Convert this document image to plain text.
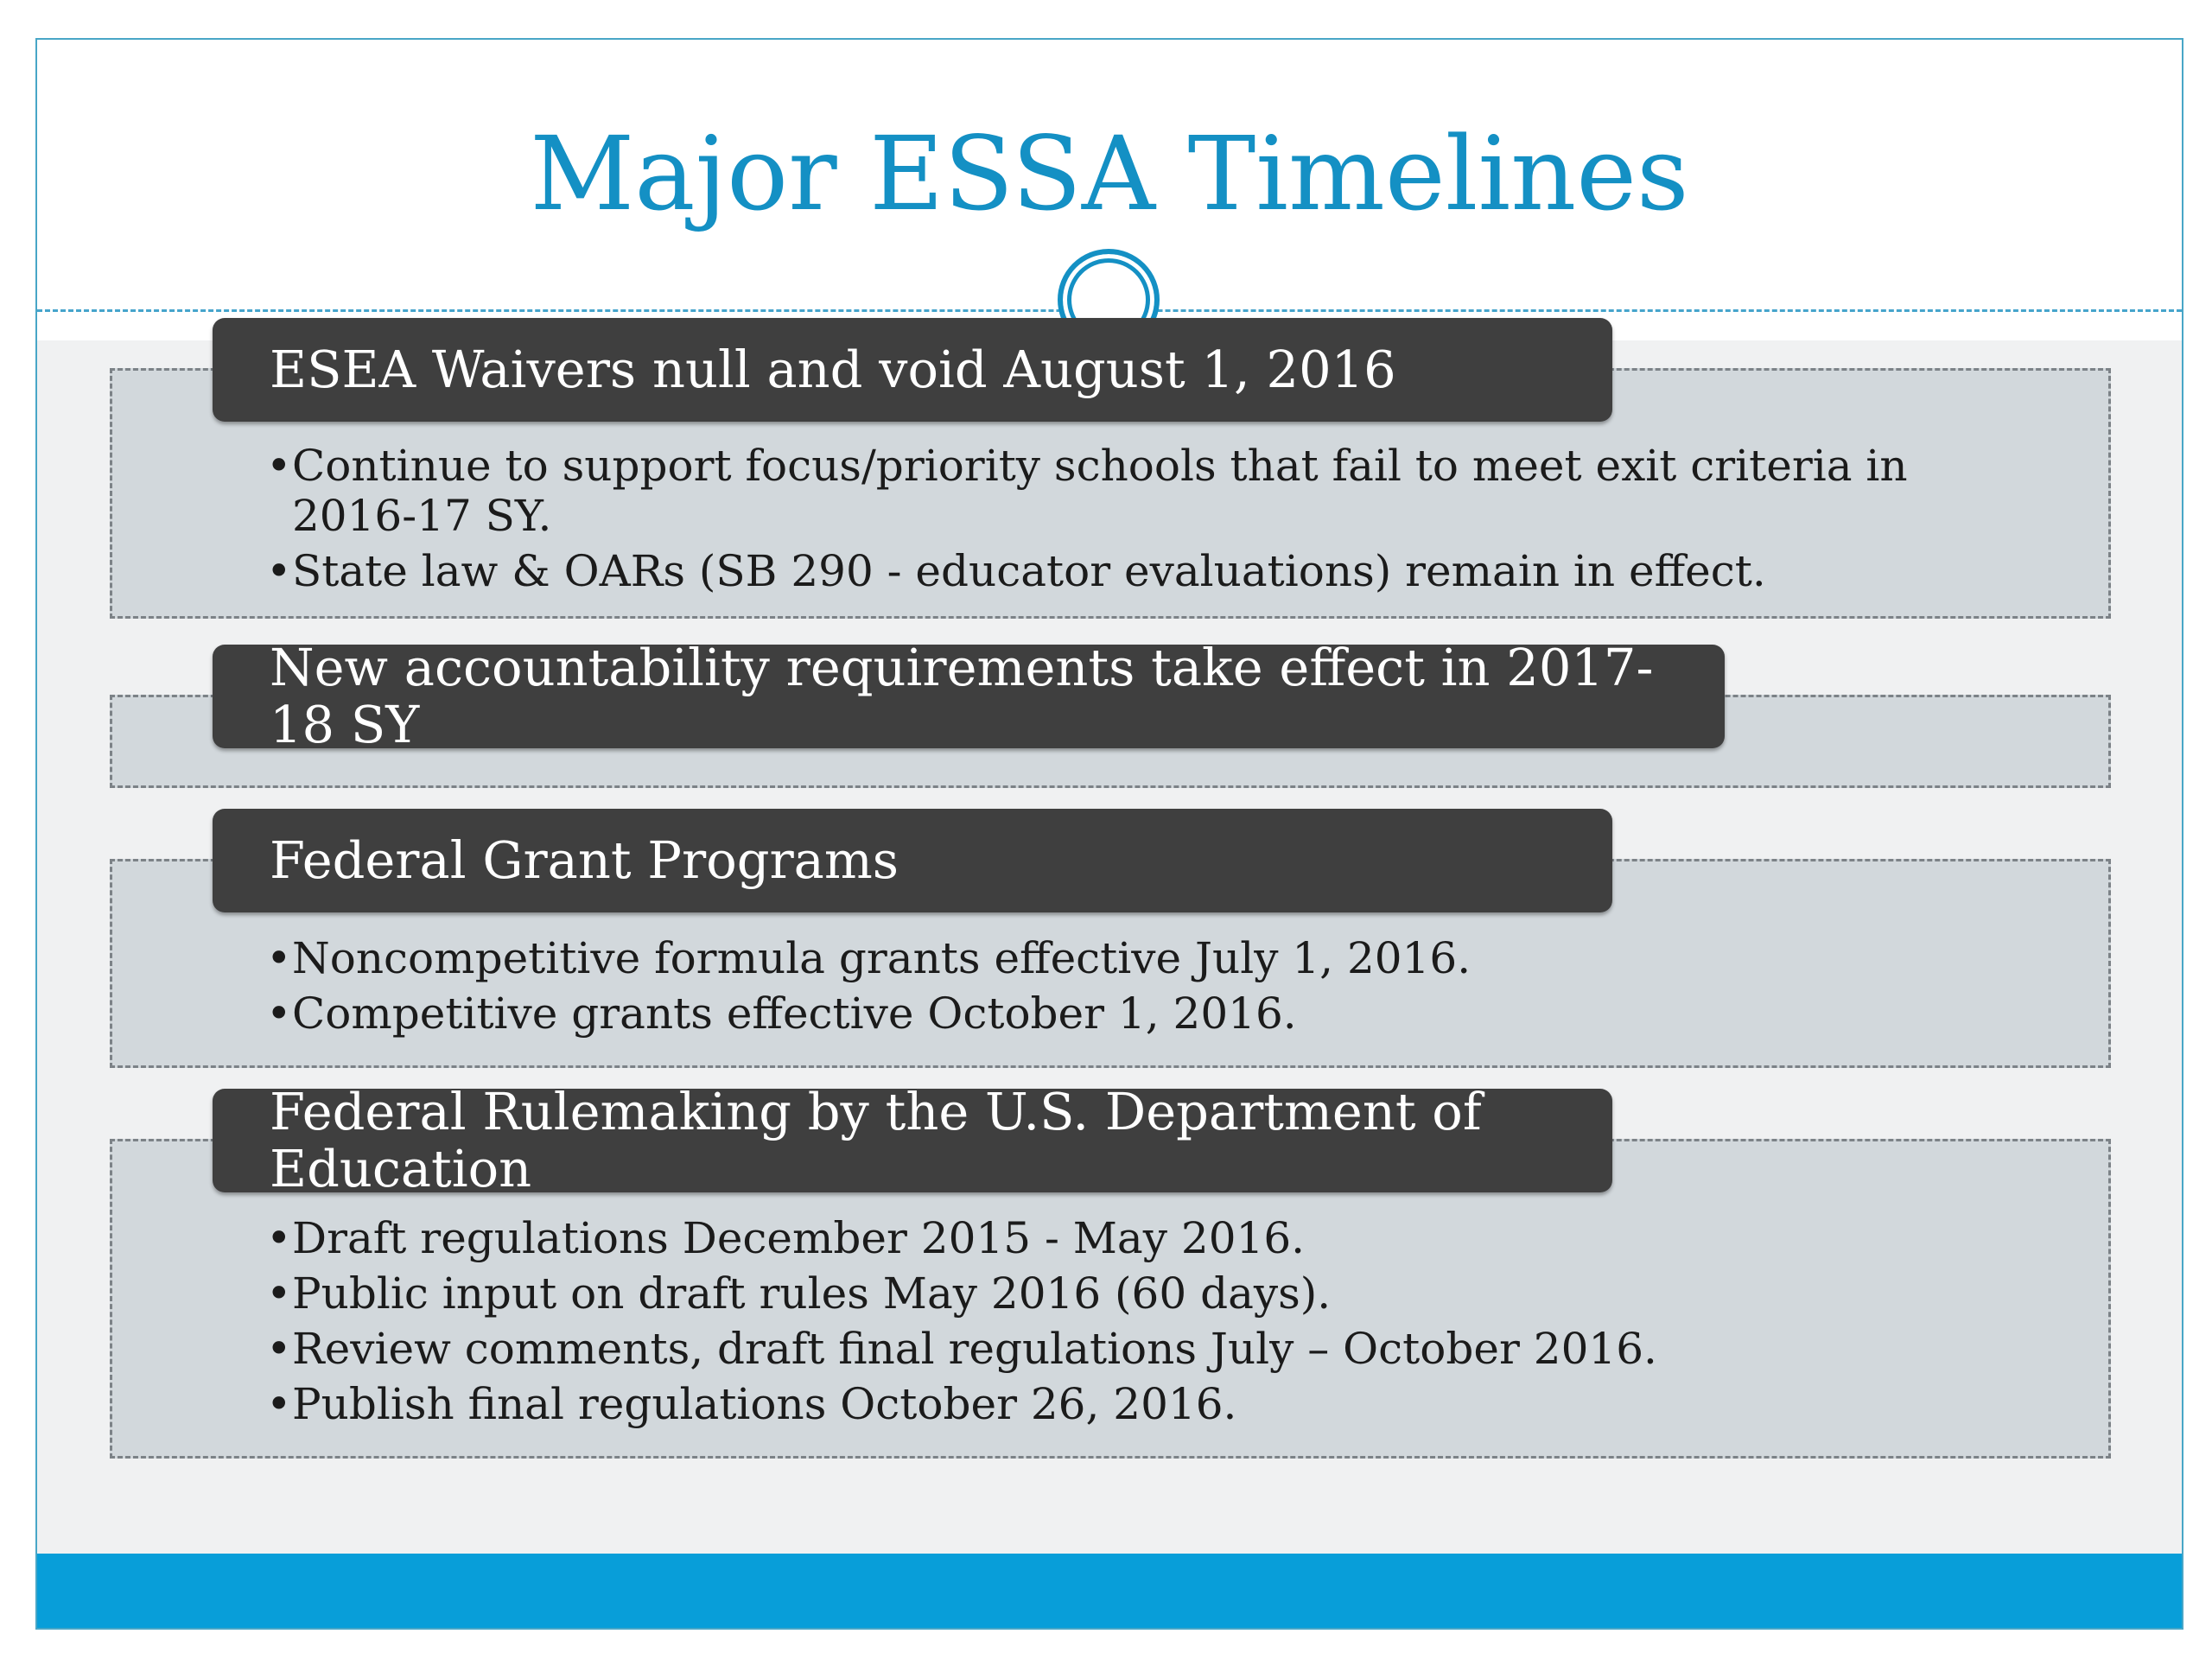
Major ESSA Timelines
ESEA Waivers null and void August 1, 2016
• Continue to support focus/priority schools that fail to meet exit criteria in 2016-17 SY.
• State law & OARs (SB 290 - educator evaluations) remain in effect.
New accountability requirements take effect in 2017-18 SY
Federal Grant Programs
• Noncompetitive formula grants effective July 1, 2016.
• Competitive grants effective October 1, 2016.
Federal Rulemaking by the U.S. Department of Education
• Draft regulations December 2015 - May 2016.
• Public input on draft rules May 2016 (60 days).
• Review comments, draft final regulations July – October 2016.
• Publish final regulations October 26, 2016.
